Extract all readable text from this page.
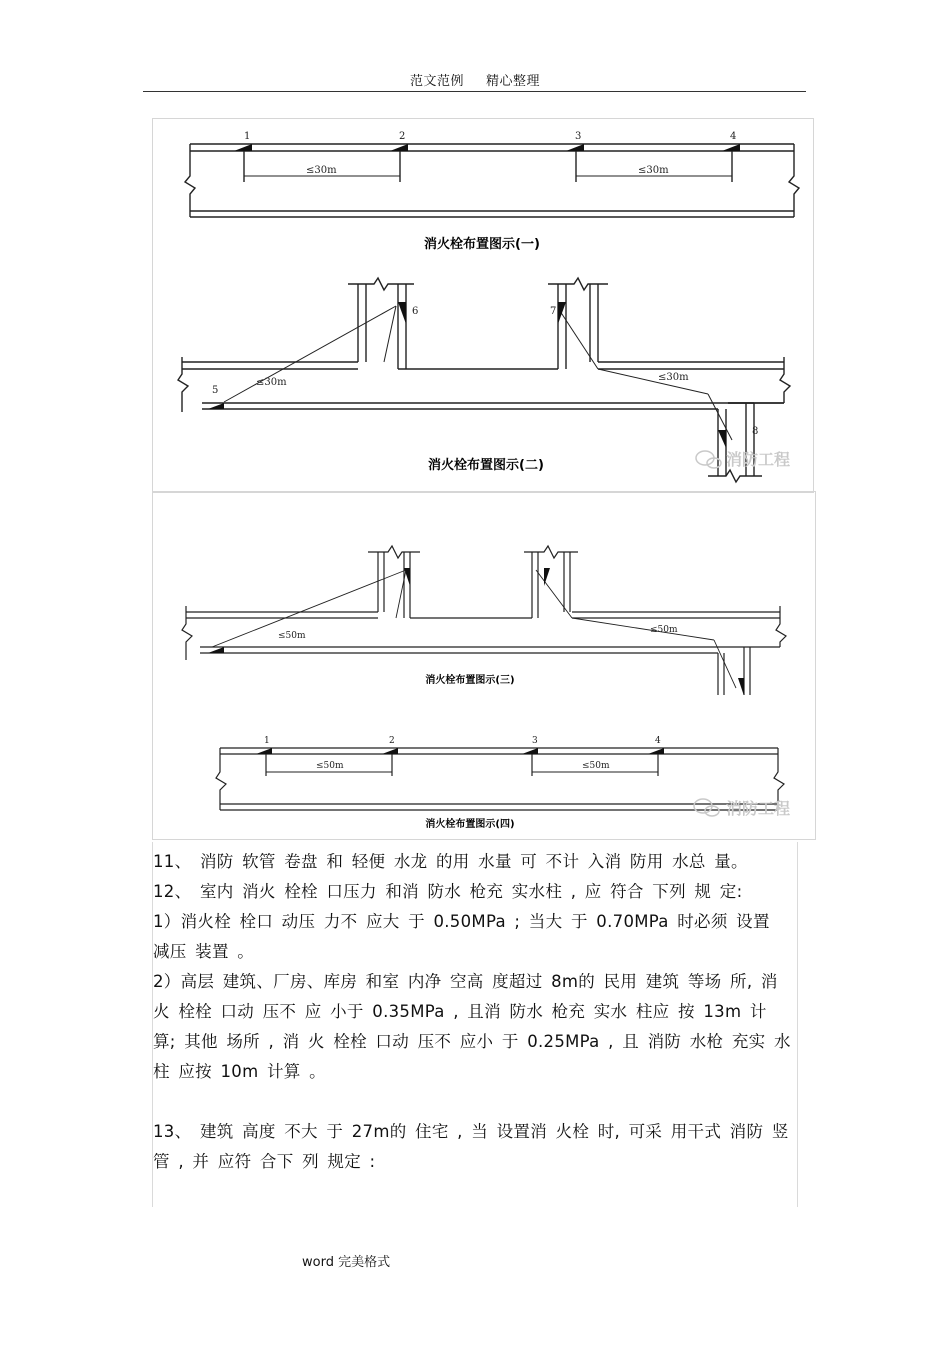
范文范例 精心整理
1	2	3	4
≤30m	≤30m
消火栓布置图示(一)
5
6	7
8
≤30m	≤30m
消火栓布置图示(二)	消防工程
≤50m
≤50m
消火栓布置图示(三)
1	2	3	4
≤50m	≤50m
消火栓布置图示(四)
消防工程

11、 消防 软管 卷盘 和 轻便 水龙 的用 水量 可 不计 入消 防用 水总 量。

12、 室内 消火 栓栓 口压力 和消 防水 枪充 实水柱 , 应 符合 下列 规 定:

1）消火栓 栓口 动压 力不 应大 于 0.50MPa ; 当大 于 0.70MPa 时必须 设置 减压 装置 。

2）高层 建筑、厂房、库房 和室 内净 空高 度超过 8m的 民用 建筑 等场 所, 消火 栓栓 口动 压不 应 小于 0.35MPa , 且消 防水 枪充 实水 柱应 按 13m 计 算; 其他 场所 , 消 火 栓栓 口动 压不 应小 于 0.25MPa , 且 消防 水枪 充实 水柱 应按 10m 计算 。

13、 建筑 高度 不大 于 27m的 住宅 , 当 设置消 火栓 时, 可采 用干式 消防 竖管 , 并 应符 合下 列 规定 :

word 完美格式
